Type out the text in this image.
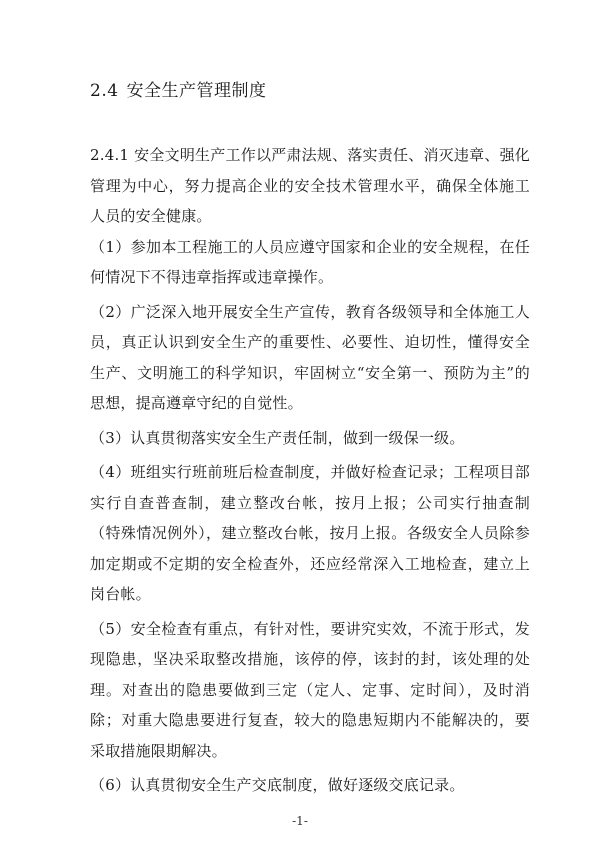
2.4 安全生产管理制度

2.4.1 安全文明生产工作以严肃法规、落实责任、消灭违章、强化管理为中心，努力提高企业的安全技术管理水平，确保全体施工人员的安全健康。

（1）参加本工程施工的人员应遵守国家和企业的安全规程，在任何情况下不得违章指挥或违章操作。

（2）广泛深入地开展安全生产宣传，教育各级领导和全体施工人员，真正认识到安全生产的重要性、必要性、迫切性，懂得安全生产、文明施工的科学知识，牢固树立“安全第一、预防为主”的思想，提高遵章守纪的自觉性。

（3）认真贯彻落实安全生产责任制，做到一级保一级。

（4）班组实行班前班后检查制度，并做好检查记录；工程项目部实行自查普查制，建立整改台帐，按月上报；公司实行抽查制（特殊情况例外），建立整改台帐，按月上报。各级安全人员除参加定期或不定期的安全检查外，还应经常深入工地检查，建立上岗台帐。

（5）安全检查有重点，有针对性，要讲究实效，不流于形式，发现隐患，坚决采取整改措施，该停的停，该封的封，该处理的处理。对查出的隐患要做到三定（定人、定事、定时间），及时消除；对重大隐患要进行复查，较大的隐患短期内不能解决的，要采取措施限期解决。

（6）认真贯彻安全生产交底制度，做好逐级交底记录。

-1-
